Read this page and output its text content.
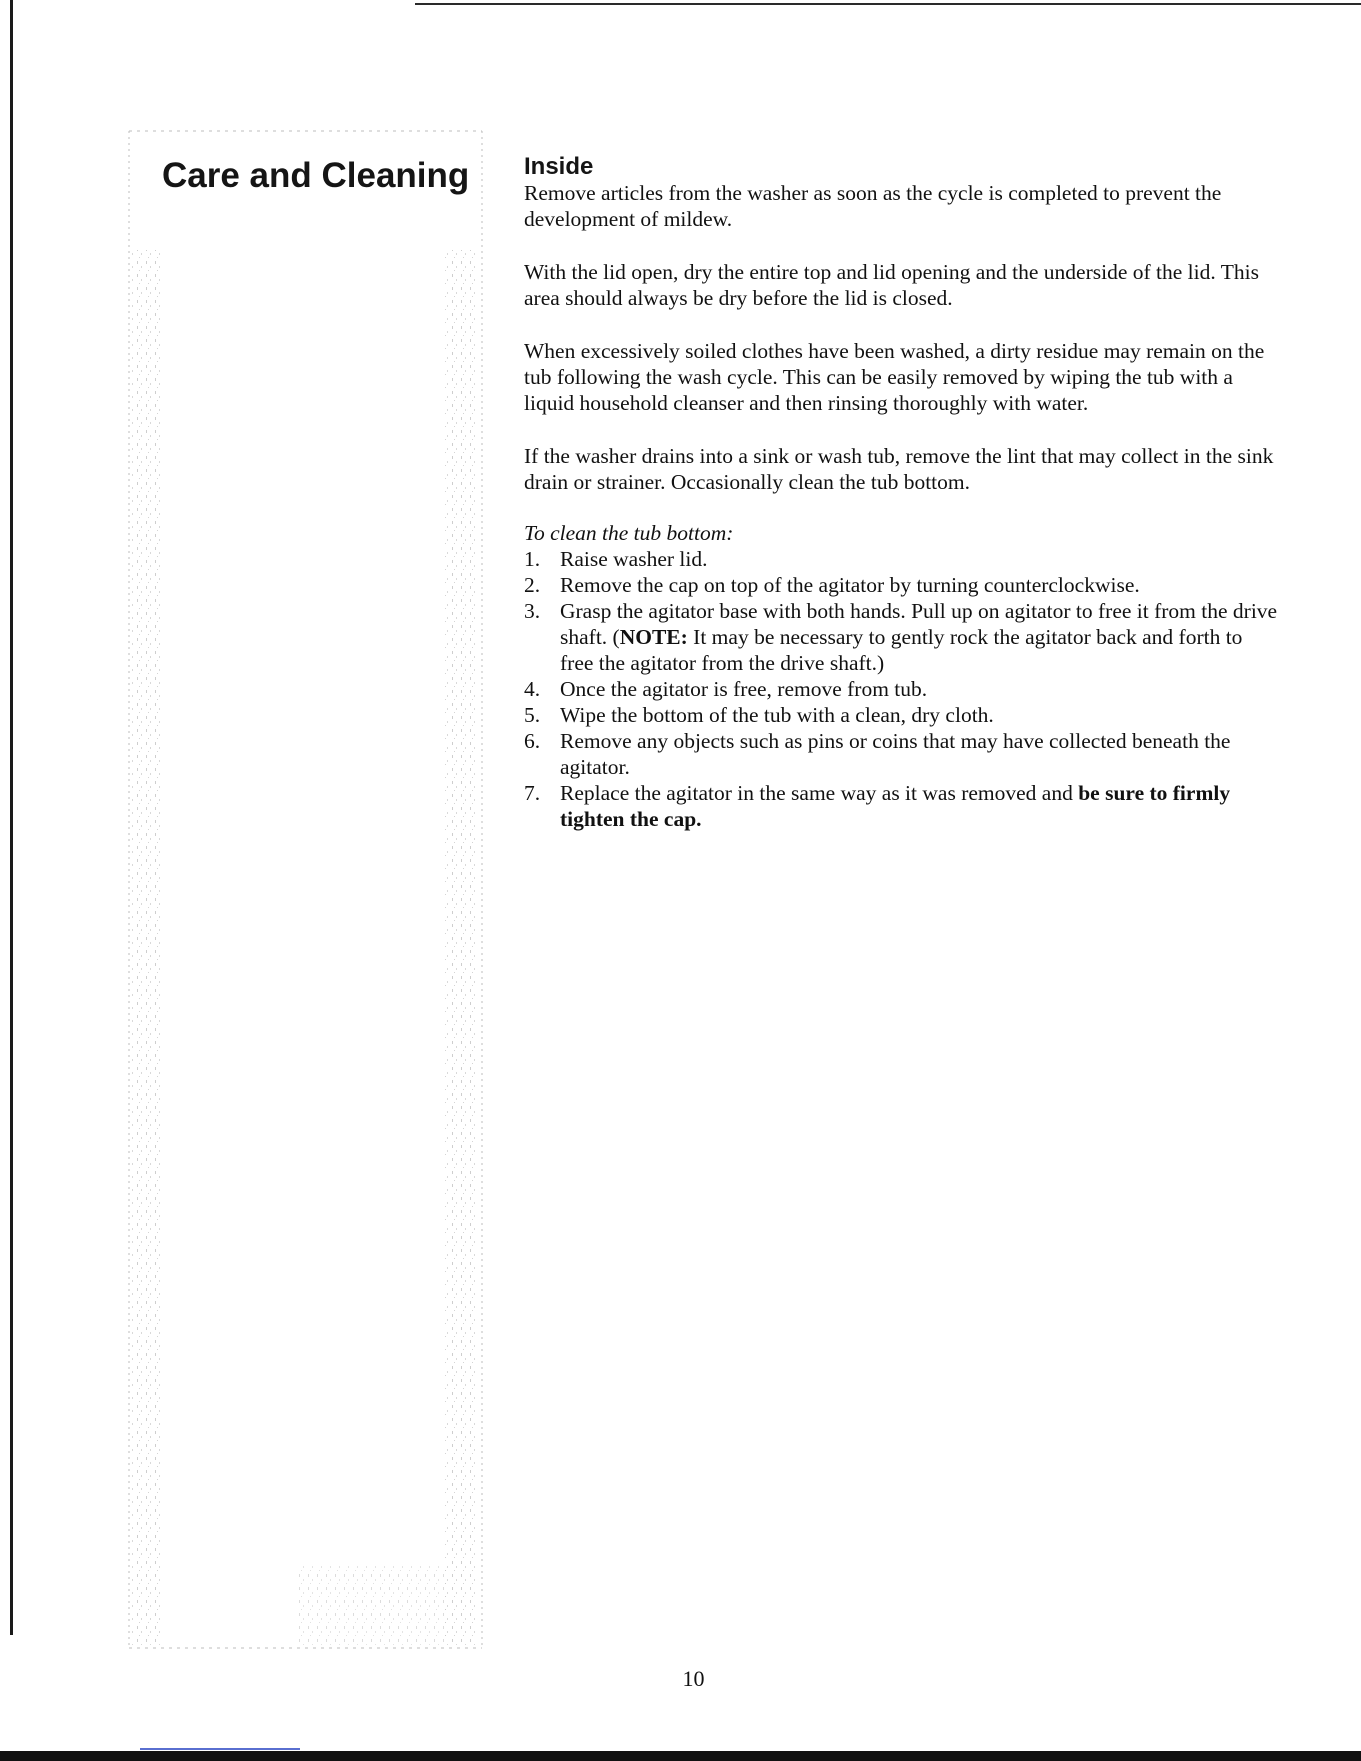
Care and Cleaning Inside

Remove articles from the washer as soon as the cycle is completed to prevent the development of mildew.

With the lid open, dry the entire top and lid opening and the underside of the lid. This area should always be dry before the lid is closed.

When excessively soiled clothes have been washed, a dirty residue may remain on the tub following the wash cycle. This can be easily removed by wiping the tub with a liquid household cleanser and then rinsing thoroughly with water.

If the washer drains into a sink or wash tub, remove the lint that may collect in the sink drain or strainer. Occasionally clean the tub bottom.

To clean the tub bottom:

1. Raise washer lid.
2. Remove the cap on top of the agitator by turning counterclockwise.
3. Grasp the agitator base with both hands. Pull up on agitator to free it from the drive shaft. (NOTE: It may be necessary to gently rock the agitator back and forth to free the agitator from the drive shaft.)
4. Once the agitator is free, remove from tub.
5. Wipe the bottom of the tub with a clean, dry cloth.
6. Remove any objects such as pins or coins that may have collected beneath the agitator.
7. Replace the agitator in the same way as it was removed and be sure to firmly tighten the cap.
10
